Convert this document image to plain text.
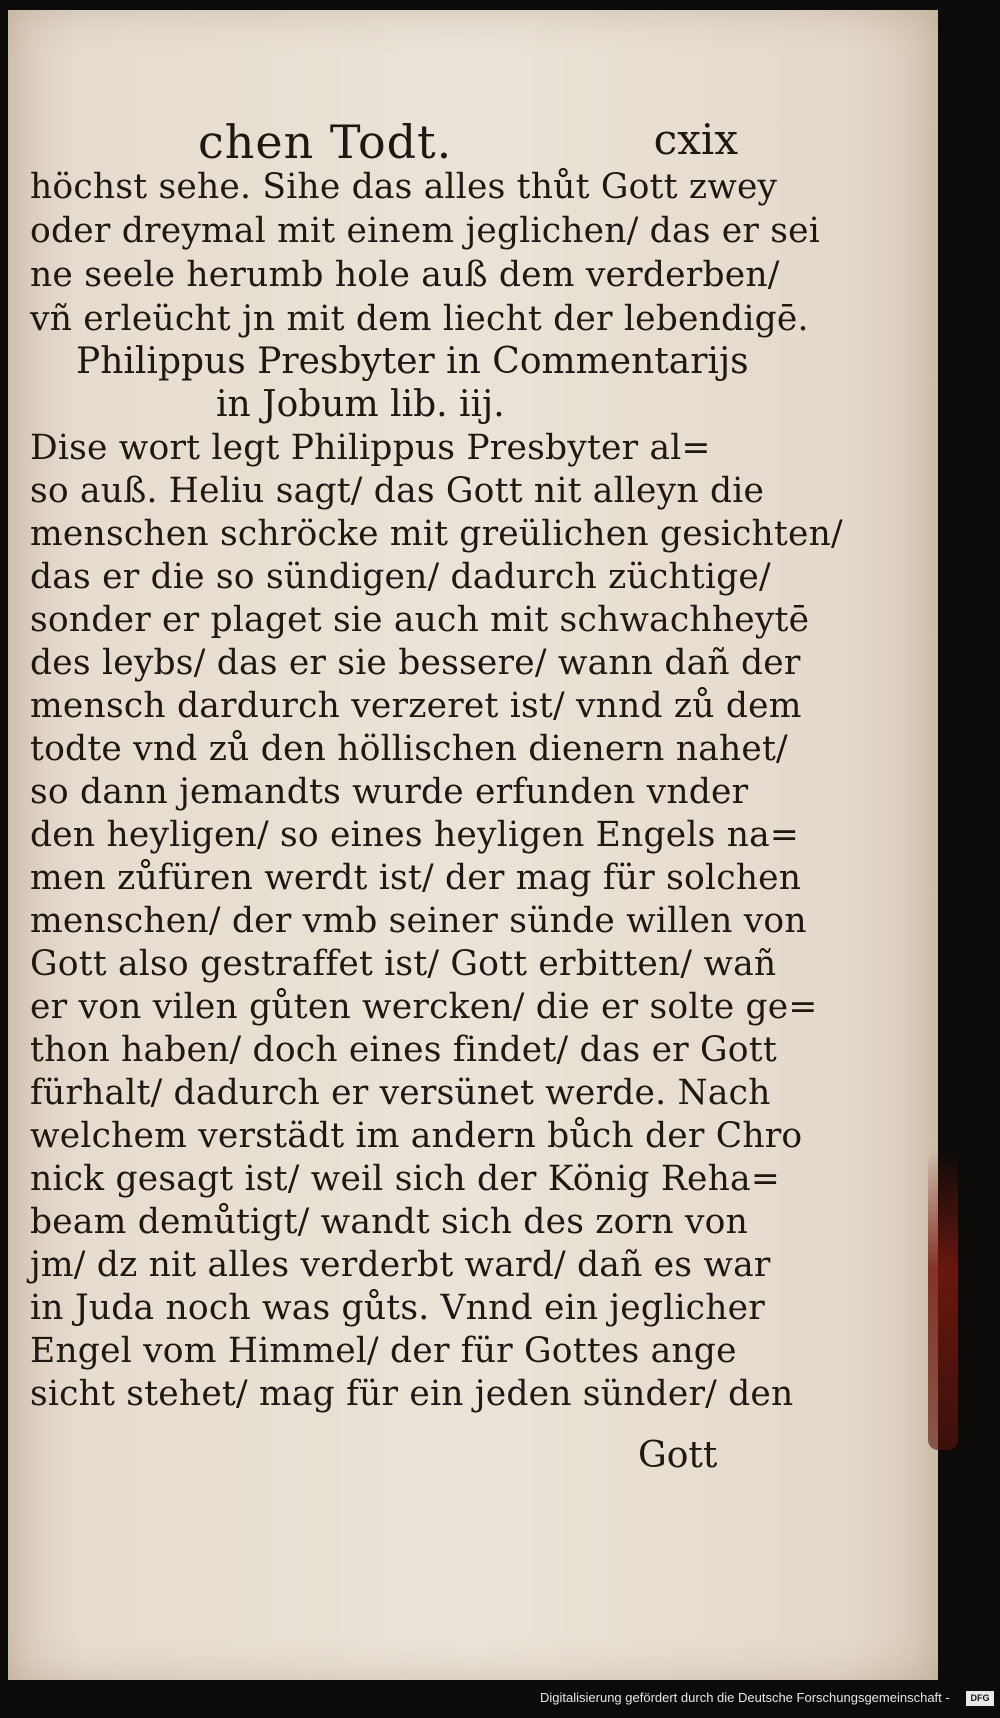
chen Todt.	cxix
höchst sehe. Sihe das alles thůt Gott zwey
oder dreymal mit einem jeglichen/ das er sei
ne seele herumb hole auß dem verderben/
vñ erleücht jn mit dem liecht der lebendigē.
Philippus Presbyter in Commentarijs
in Jobum lib. iij.
Dise wort legt Philippus Presbyter al=
so auß. Heliu sagt/ das Gott nit alleyn die
menschen schröcke mit greülichen gesichten/
das er die so sündigen/ dadurch züchtige/
sonder er plaget sie auch mit schwachheytē
des leybs/ das er sie bessere/ wann dañ der
mensch dardurch verzeret ist/ vnnd zů dem
todte vnd zů den höllischen dienern nahet/
so dann jemandts wurde erfunden vnder
den heyligen/ so eines heyligen Engels na=
men zůfüren werdt ist/ der mag für solchen
menschen/ der vmb seiner sünde willen von
Gott also gestraffet ist/ Gott erbitten/ wañ
er von vilen gůten wercken/ die er solte ge=
thon haben/ doch eines findet/ das er Gott
fürhalt/ dadurch er versünet werde. Nach
welchem verstädt im andern bůch der Chro
nick gesagt ist/ weil sich der König Reha=
beam demůtigt/ wandt sich des zorn von
jm/ dz nit alles verderbt ward/ dañ es war
in Juda noch was gůts. Vnnd ein jeglicher
Engel vom Himmel/ der für Gottes ange
sicht stehet/ mag für ein jeden sünder/ den
Gott
Digitalisierung gefördert durch die Deutsche Forschungsgemeinschaft -	DFG
